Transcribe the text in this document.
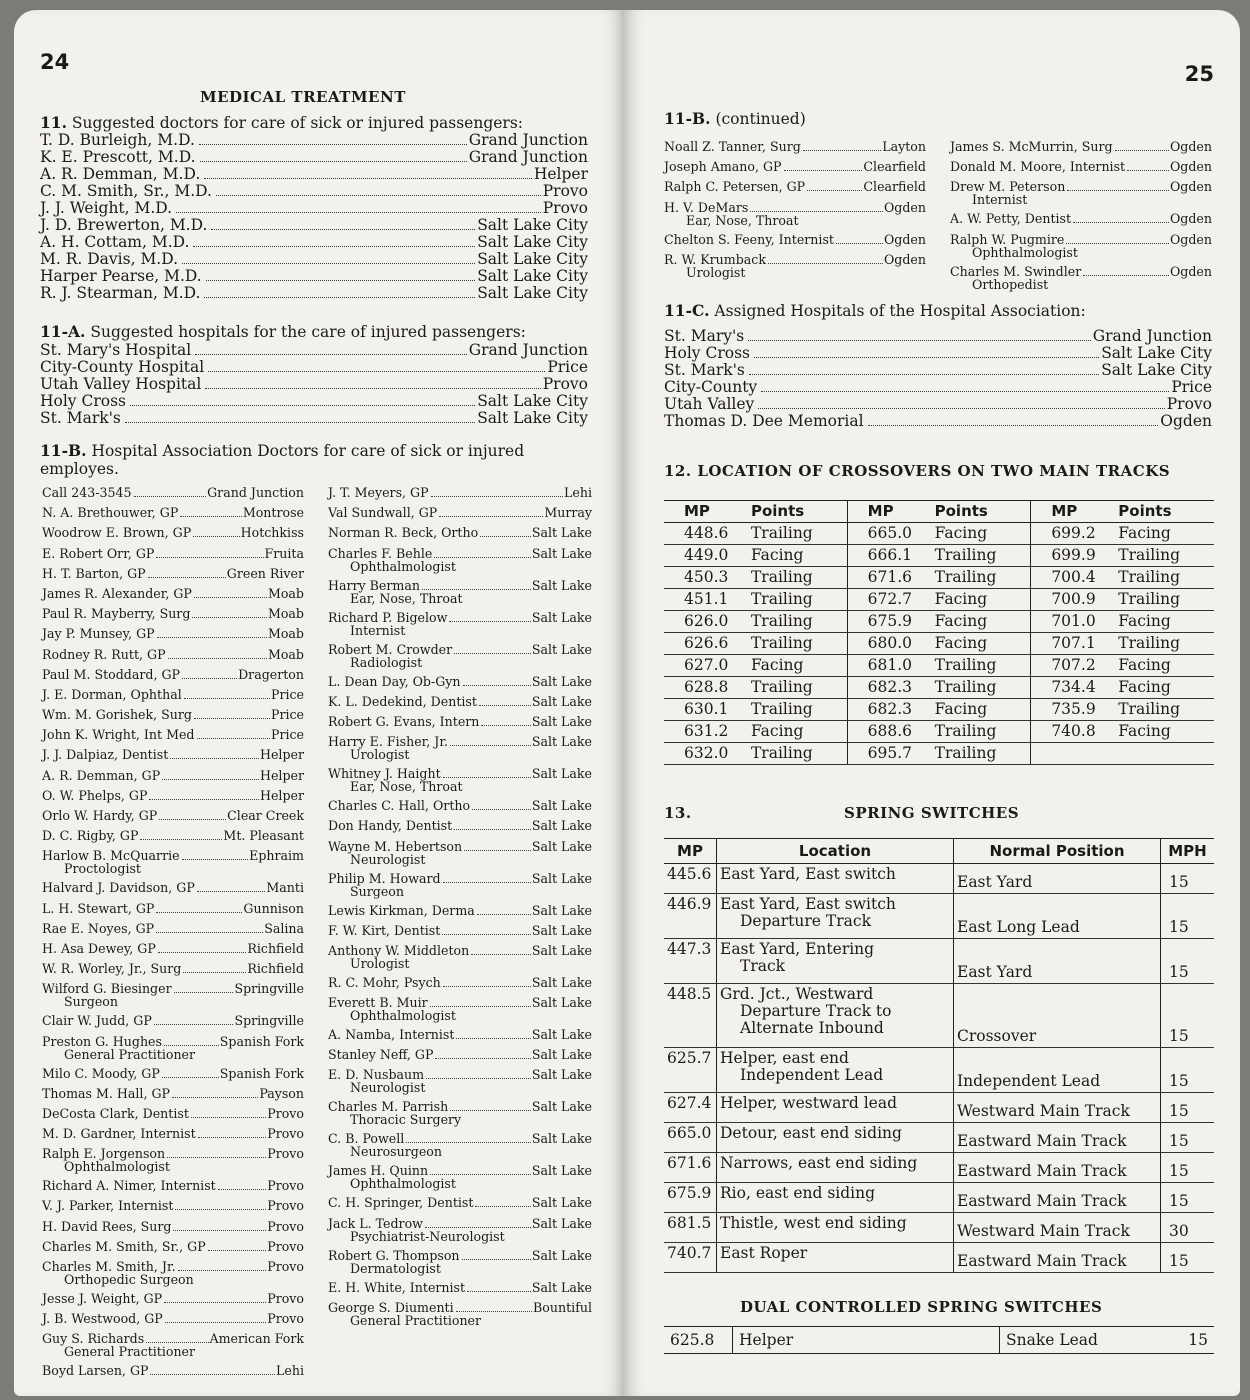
24
MEDICAL TREATMENT
11. Suggested doctors for care of sick or injured passengers:
T. D. Burleigh, M.D.	Grand Junction
K. E. Prescott, M.D.	Grand Junction
A. R. Demman, M.D.	Helper
C. M. Smith, Sr., M.D.	Provo
J. J. Weight, M.D.	Provo
J. D. Brewerton, M.D.	Salt Lake City
A. H. Cottam, M.D.	Salt Lake City
M. R. Davis, M.D.	Salt Lake City
Harper Pearse, M.D.	Salt Lake City
R. J. Stearman, M.D.	Salt Lake City
11-A. Suggested hospitals for the care of injured passengers:
St. Mary's Hospital	Grand Junction
City-County Hospital	Price
Utah Valley Hospital	Provo
Holy Cross	Salt Lake City
St. Mark's	Salt Lake City
11-B. Hospital Association Doctors for care of sick or injured
employes.
Call 243-3545	Grand Junction
N. A. Brethouwer, GP	Montrose
Woodrow E. Brown, GP	Hotchkiss
E. Robert Orr, GP	Fruita
H. T. Barton, GP	Green River
James R. Alexander, GP	Moab
Paul R. Mayberry, Surg	Moab
Jay P. Munsey, GP	Moab
Rodney R. Rutt, GP	Moab
Paul M. Stoddard, GP	Dragerton
J. E. Dorman, Ophthal	Price
Wm. M. Gorishek, Surg	Price
John K. Wright, Int Med	Price
J. J. Dalpiaz, Dentist	Helper
A. R. Demman, GP	Helper
O. W. Phelps, GP	Helper
Orlo W. Hardy, GP	Clear Creek
D. C. Rigby, GP	Mt. Pleasant
Harlow B. McQuarrie	Ephraim
Proctologist
Halvard J. Davidson, GP	Manti
L. H. Stewart, GP	Gunnison
Rae E. Noyes, GP	Salina
H. Asa Dewey, GP	Richfield
W. R. Worley, Jr., Surg	Richfield
Wilford G. Biesinger	Springville
Surgeon
Clair W. Judd, GP	Springville
Preston G. Hughes	Spanish Fork
General Practitioner
Milo C. Moody, GP	Spanish Fork
Thomas M. Hall, GP	Payson
DeCosta Clark, Dentist	Provo
M. D. Gardner, Internist	Provo
Ralph E. Jorgenson	Provo
Ophthalmologist
Richard A. Nimer, Internist	Provo
V. J. Parker, Internist	Provo
H. David Rees, Surg	Provo
Charles M. Smith, Sr., GP	Provo
Charles M. Smith, Jr.	Provo
Orthopedic Surgeon
Jesse J. Weight, GP	Provo
J. B. Westwood, GP	Provo
Guy S. Richards	American Fork
General Practitioner
Boyd Larsen, GP	Lehi
J. T. Meyers, GP	Lehi
Val Sundwall, GP	Murray
Norman R. Beck, Ortho	Salt Lake
Charles F. Behle	Salt Lake
Ophthalmologist
Harry Berman	Salt Lake
Ear, Nose, Throat
Richard P. Bigelow	Salt Lake
Internist
Robert M. Crowder	Salt Lake
Radiologist
L. Dean Day, Ob-Gyn	Salt Lake
K. L. Dedekind, Dentist	Salt Lake
Robert G. Evans, Intern	Salt Lake
Harry E. Fisher, Jr.	Salt Lake
Urologist
Whitney J. Haight	Salt Lake
Ear, Nose, Throat
Charles C. Hall, Ortho	Salt Lake
Don Handy, Dentist	Salt Lake
Wayne M. Hebertson	Salt Lake
Neurologist
Philip M. Howard	Salt Lake
Surgeon
Lewis Kirkman, Derma	Salt Lake
F. W. Kirt, Dentist	Salt Lake
Anthony W. Middleton	Salt Lake
Urologist
R. C. Mohr, Psych	Salt Lake
Everett B. Muir	Salt Lake
Ophthalmologist
A. Namba, Internist	Salt Lake
Stanley Neff, GP	Salt Lake
E. D. Nusbaum	Salt Lake
Neurologist
Charles M. Parrish	Salt Lake
Thoracic Surgery
C. B. Powell	Salt Lake
Neurosurgeon
James H. Quinn	Salt Lake
Ophthalmologist
C. H. Springer, Dentist	Salt Lake
Jack L. Tedrow	Salt Lake
Psychiatrist-Neurologist
Robert G. Thompson	Salt Lake
Dermatologist
E. H. White, Internist	Salt Lake
George S. Diumenti	Bountiful
General Practitioner
25
11-B. (continued)
Noall Z. Tanner, Surg	Layton
Joseph Amano, GP	Clearfield
Ralph C. Petersen, GP	Clearfield
H. V. DeMars	Ogden
Ear, Nose, Throat
Chelton S. Feeny, Internist	Ogden
R. W. Krumback	Ogden
Urologist
James S. McMurrin, Surg	Ogden
Donald M. Moore, Internist	Ogden
Drew M. Peterson	Ogden
Internist
A. W. Petty, Dentist	Ogden
Ralph W. Pugmire	Ogden
Ophthalmologist
Charles M. Swindler	Ogden
Orthopedist
11-C. Assigned Hospitals of the Hospital Association:
St. Mary's	Grand Junction
Holy Cross	Salt Lake City
St. Mark's	Salt Lake City
City-County	Price
Utah Valley	Provo
Thomas D. Dee Memorial	Ogden
12. LOCATION OF CROSSOVERS ON TWO MAIN TRACKS
MP	Points	MP	Points	MP	Points
448.6	Trailing	665.0	Facing	699.2	Facing
449.0	Facing	666.1	Trailing	699.9	Trailing
450.3	Trailing	671.6	Trailing	700.4	Trailing
451.1	Trailing	672.7	Facing	700.9	Trailing
626.0	Trailing	675.9	Facing	701.0	Facing
626.6	Trailing	680.0	Facing	707.1	Trailing
627.0	Facing	681.0	Trailing	707.2	Facing
628.8	Trailing	682.3	Trailing	734.4	Facing
630.1	Trailing	682.3	Facing	735.9	Trailing
631.2	Facing	688.6	Trailing	740.8	Facing
632.0	Trailing	695.7	Trailing		
13.	SPRING SWITCHES
MP	Location	Normal Position	MPH
445.6	East Yard, East switch	East Yard	15
446.9	East Yard, East switch
Departure Track	East Long Lead	15
447.3	East Yard, Entering
Track	East Yard	15
448.5	Grd. Jct., Westward
Departure Track to
Alternate Inbound	Crossover	15
625.7	Helper, east end
Independent Lead	Independent Lead	15
627.4	Helper, westward lead	Westward Main Track	15
665.0	Detour, east end siding	Eastward Main Track	15
671.6	Narrows, east end siding	Eastward Main Track	15
675.9	Rio, east end siding	Eastward Main Track	15
681.5	Thistle, west end siding	Westward Main Track	30
740.7	East Roper	Eastward Main Track	15
DUAL CONTROLLED SPRING SWITCHES
625.8	Helper	Snake Lead	15
